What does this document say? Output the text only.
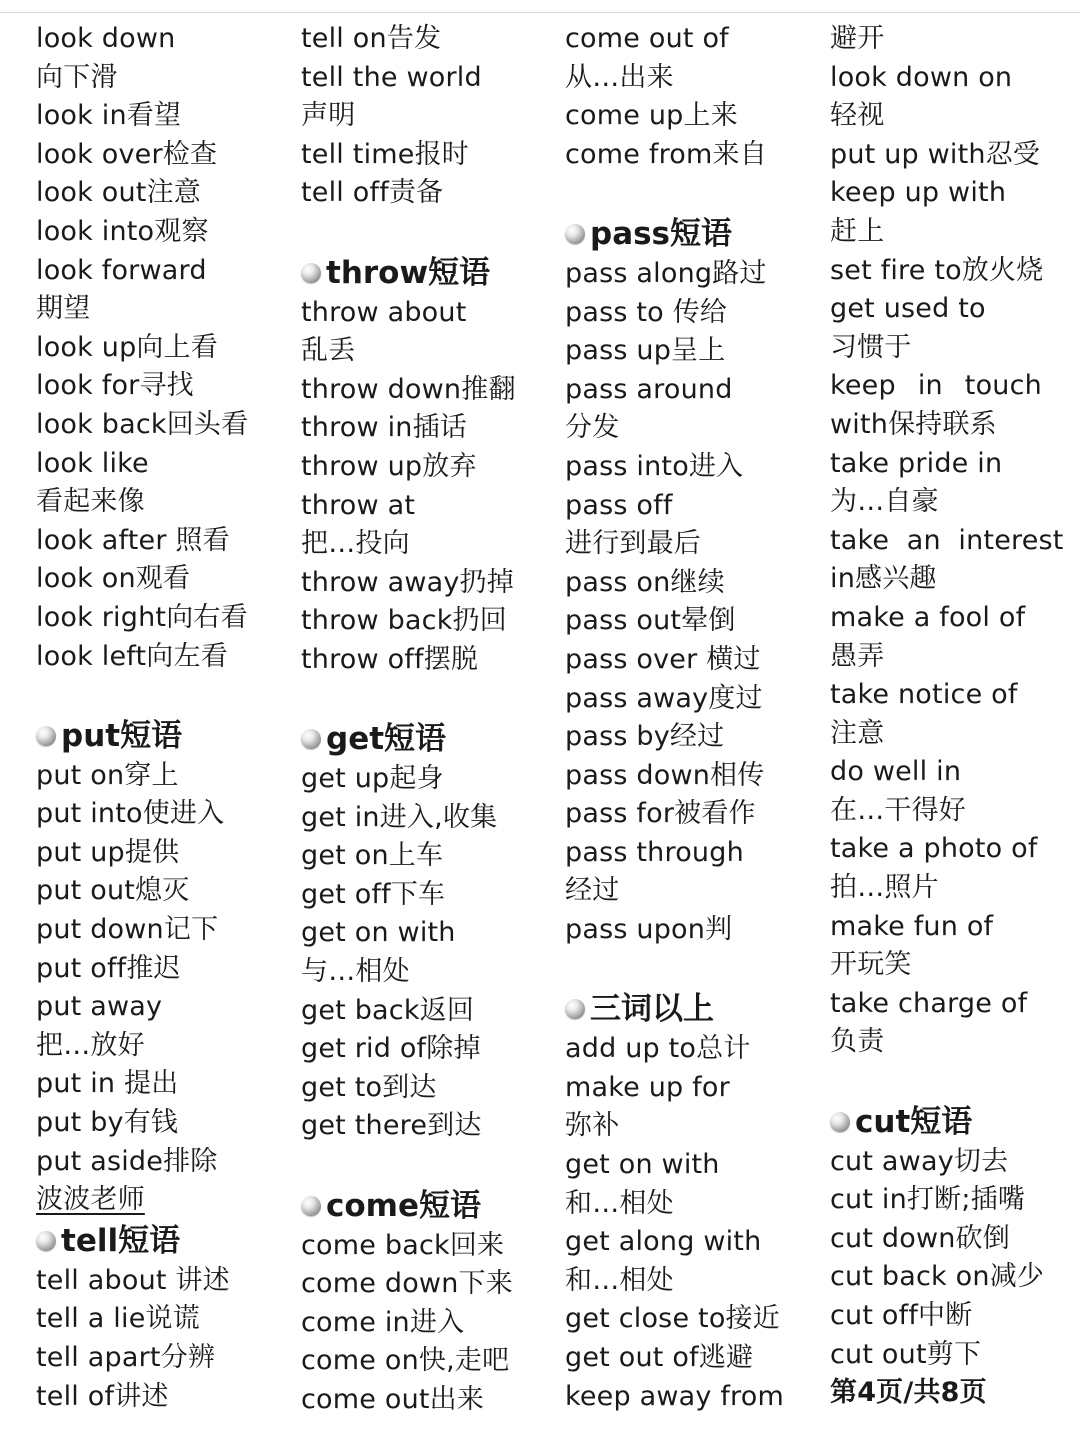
look down
向下滑
look in看望
look over检查
look out注意
look into观察
look forward
期望
look up向上看
look for寻找
look back回头看
look like
看起来像
look after 照看
look on观看
look right向右看
look left向左看
put短语
put on穿上
put into使进入
put up提供
put out熄灭
put down记下
put off推迟
put away
把…放好
put in 提出
put by有钱
put aside排除
波波老师
tell短语
tell about 讲述
tell a lie说谎
tell apart分辨
tell of讲述
tell on告发
tell the world
声明
tell time报时
tell off责备
throw短语
throw about
乱丢
throw down推翻
throw in插话
throw up放弃
throw at
把…投向
throw away扔掉
throw back扔回
throw off摆脱
get短语
get up起身
get in进入,收集
get on上车
get off下车
get on with
与…相处
get back返回
get rid of除掉
get to到达
get there到达
come短语
come back回来
come down下来
come in进入
come on快,走吧
come out出来
come out of
从…出来
come up上来
come from来自
pass短语
pass along路过
pass to 传给
pass up呈上
pass around
分发
pass into进入
pass off
进行到最后
pass on继续
pass out晕倒
pass over 横过
pass away度过
pass by经过
pass down相传
pass for被看作
pass through
经过
pass upon判
三词以上
add up to总计
make up for
弥补
get on with
和…相处
get along with
和…相处
get close to接近
get out of逃避
keep away from
避开
look down on
轻视
put up with忍受
keep up with
赶上
set fire to放火烧
get used to
习惯于
keep in touch
with保持联系
take pride in
为…自豪
take  an  interest
in感兴趣
make a fool of
愚弄
take notice of
注意
do well in
在…干得好
take a photo of
拍…照片
make fun of
开玩笑
take charge of
负责
cut短语
cut away切去
cut in打断;插嘴
cut down砍倒
cut back on减少
cut off中断
cut out剪下
第4页/共8页
